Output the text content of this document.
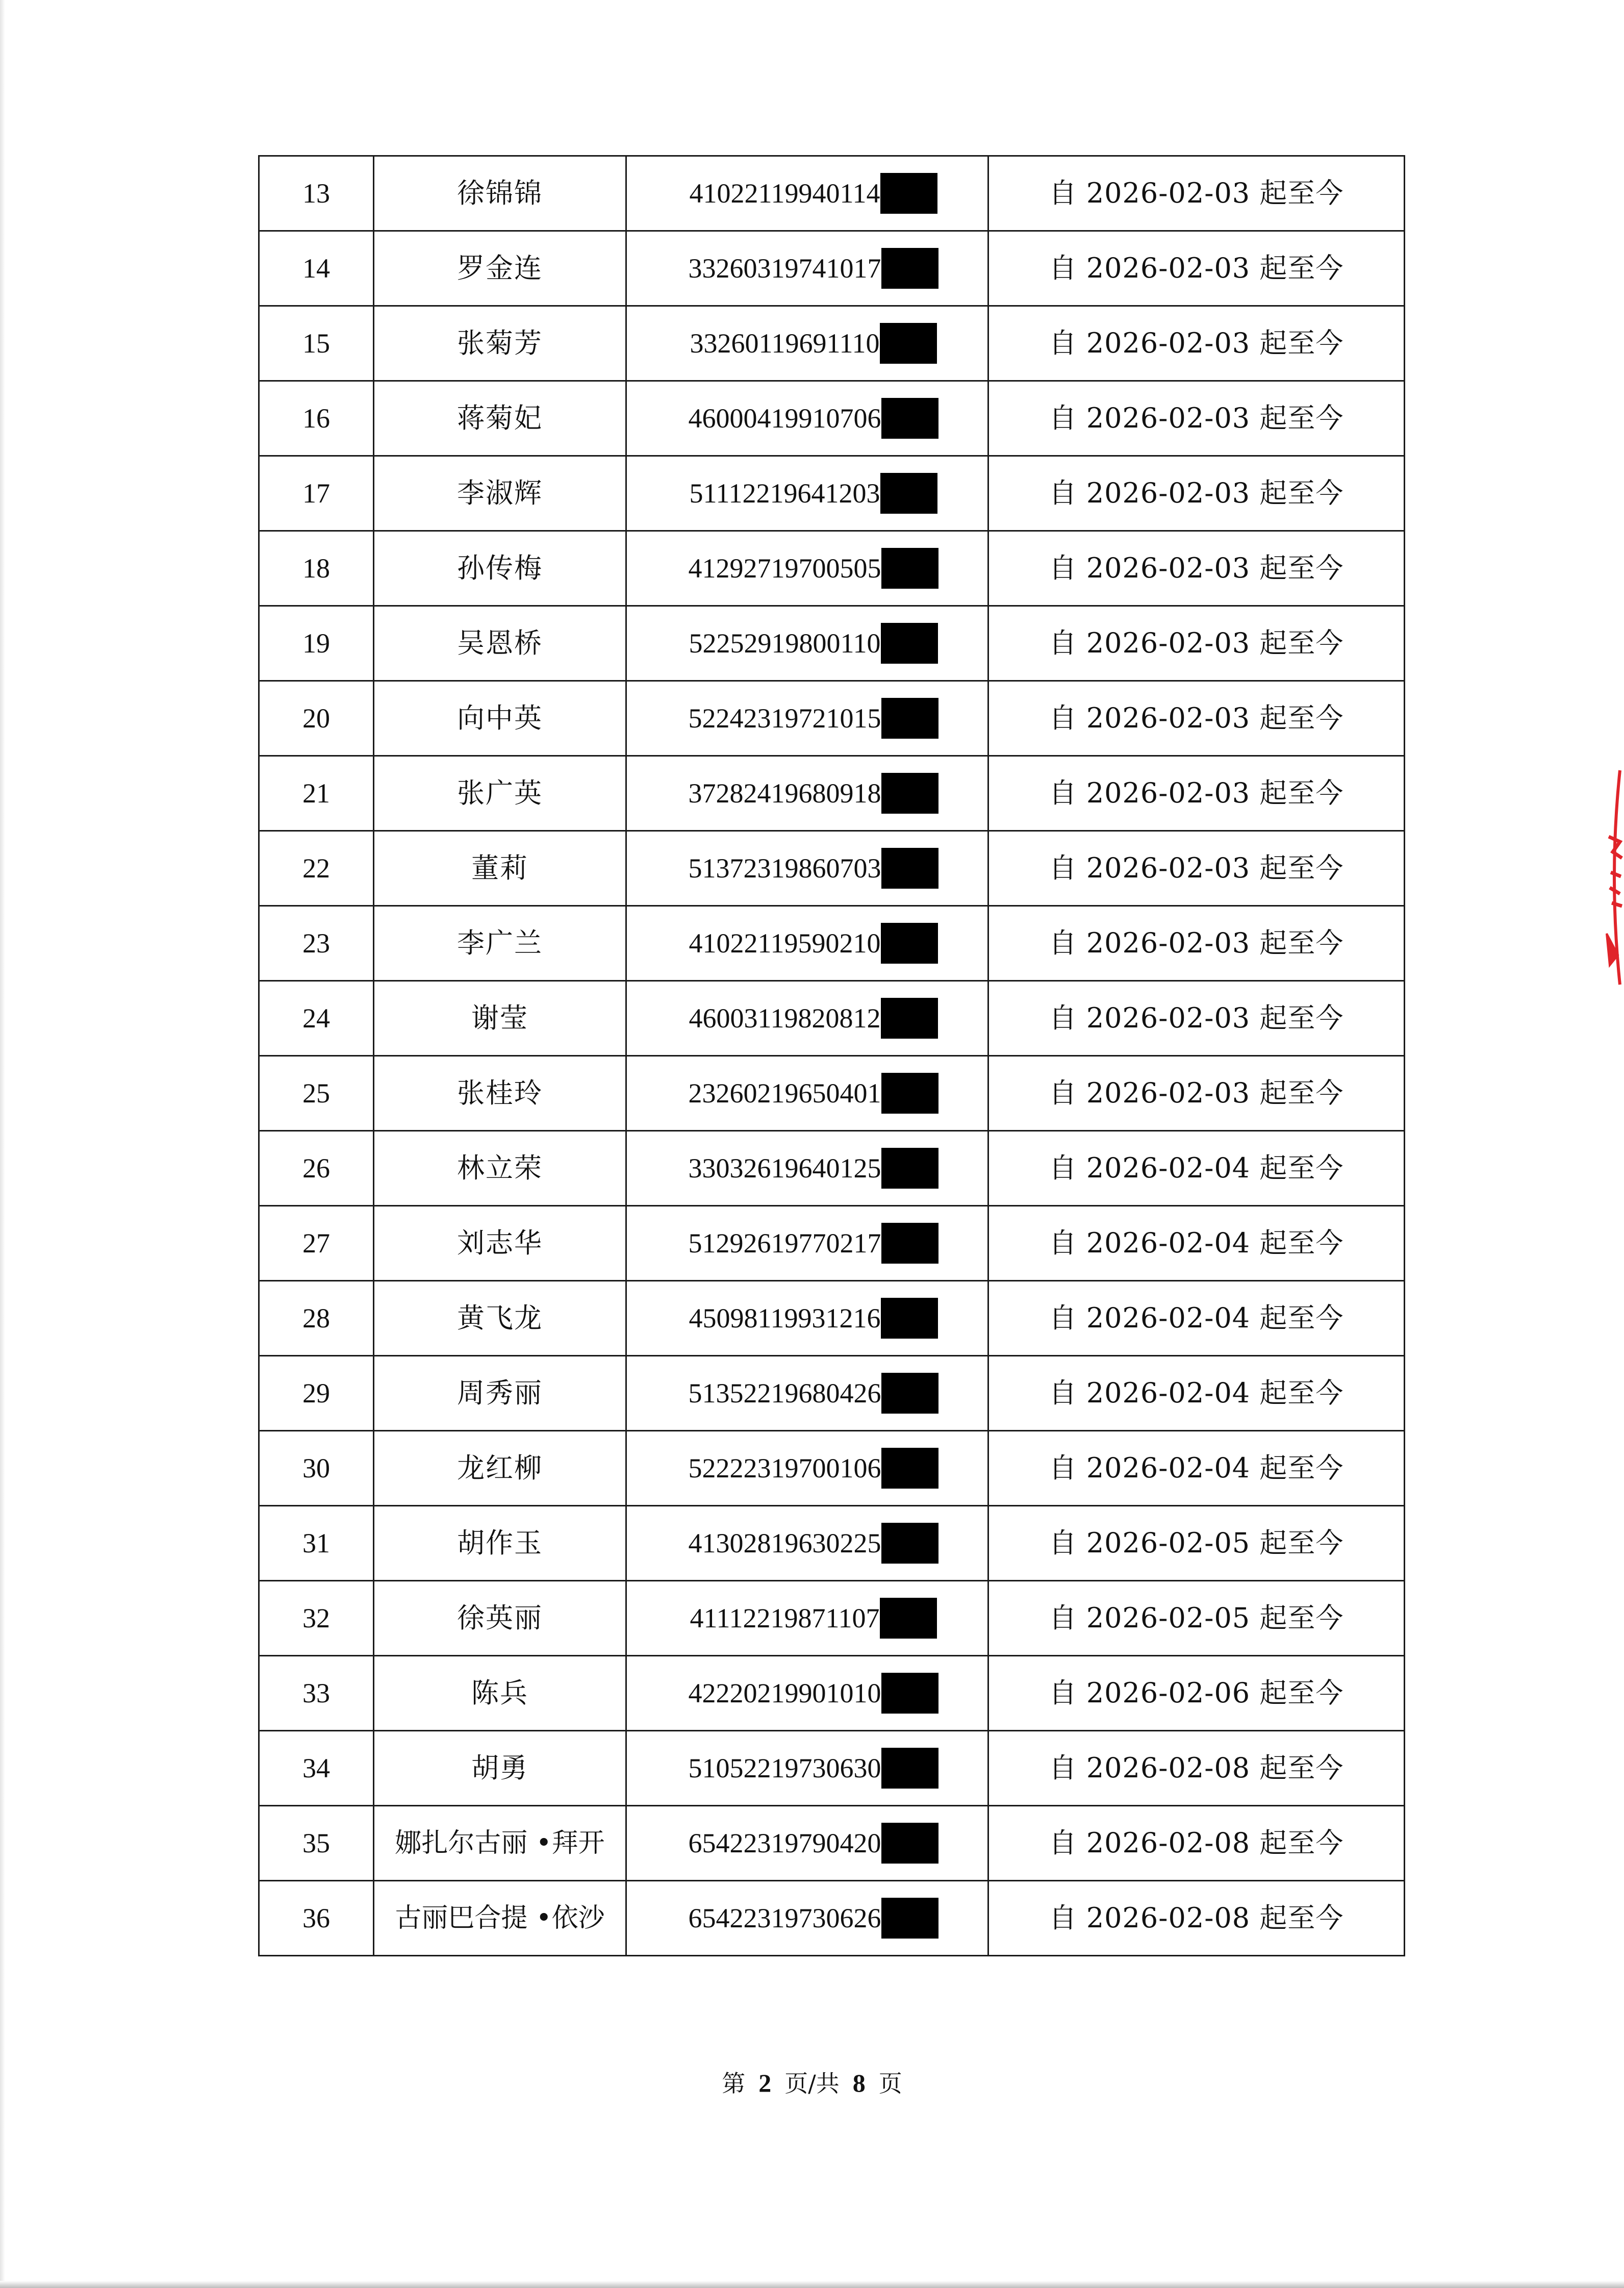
13	徐锦锦	41022119940114	自 2026-02-03 起至今
14	罗金连	33260319741017	自 2026-02-03 起至今
15	张菊芳	33260119691110	自 2026-02-03 起至今
16	蒋菊妃	46000419910706	自 2026-02-03 起至今
17	李淑辉	51112219641203	自 2026-02-03 起至今
18	孙传梅	41292719700505	自 2026-02-03 起至今
19	吴恩桥	52252919800110	自 2026-02-03 起至今
20	向中英	52242319721015	自 2026-02-03 起至今
21	张广英	37282419680918	自 2026-02-03 起至今
22	董莉	51372319860703	自 2026-02-03 起至今
23	李广兰	41022119590210	自 2026-02-03 起至今
24	谢莹	46003119820812	自 2026-02-03 起至今
25	张桂玲	23260219650401	自 2026-02-03 起至今
26	林立荣	33032619640125	自 2026-02-04 起至今
27	刘志华	51292619770217	自 2026-02-04 起至今
28	黄飞龙	45098119931216	自 2026-02-04 起至今
29	周秀丽	51352219680426	自 2026-02-04 起至今
30	龙红柳	52222319700106	自 2026-02-04 起至今
31	胡作玉	41302819630225	自 2026-02-05 起至今
32	徐英丽	41112219871107	自 2026-02-05 起至今
33	陈兵	42220219901010	自 2026-02-06 起至今
34	胡勇	51052219730630	自 2026-02-08 起至今
35	娜扎尔古丽 •拜开	65422319790420	自 2026-02-08 起至今
36	古丽巴合提 •依沙	65422319730626	自 2026-02-08 起至今
第 2 页/共 8 页
